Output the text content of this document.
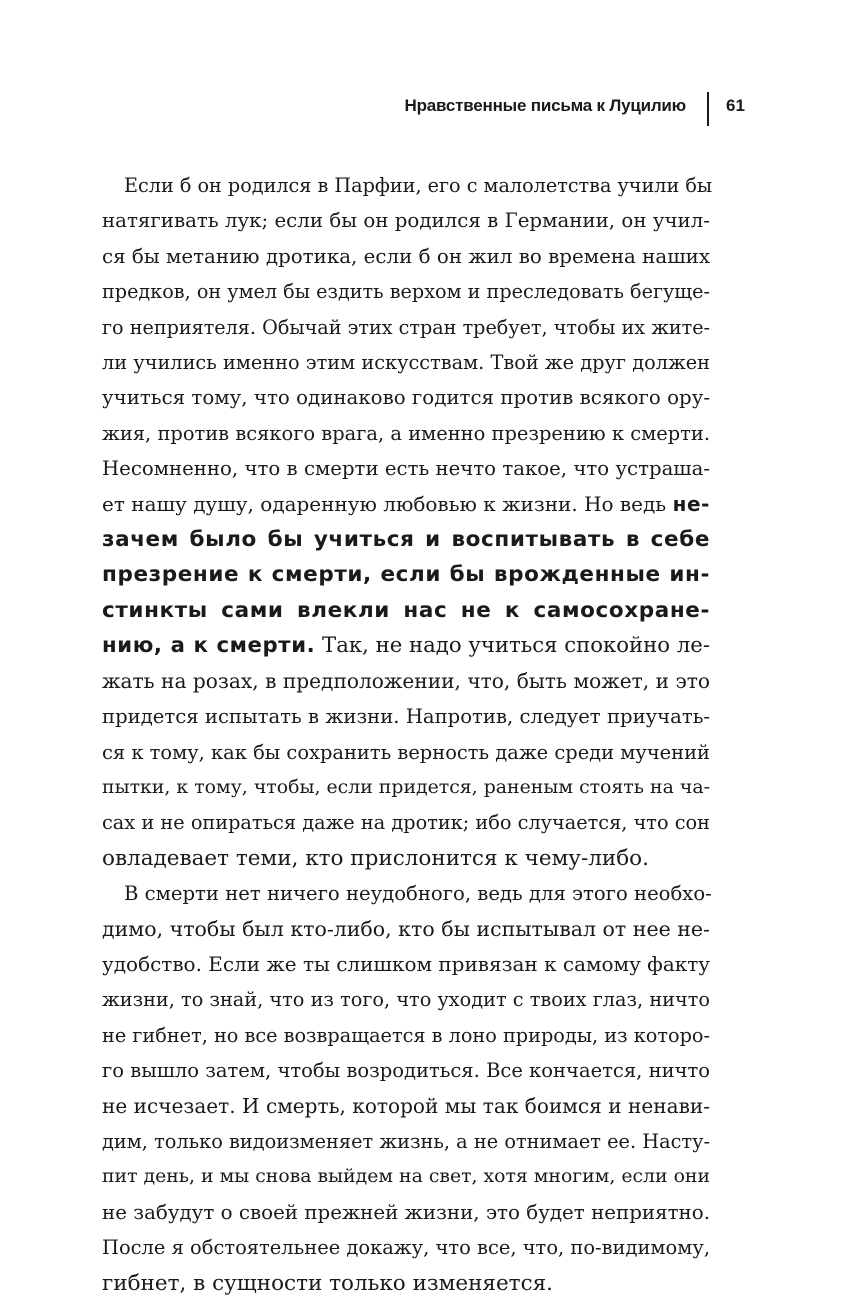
Нравственные письма к Луцилию 61
Если б он родился в Парфии, его с малолетства учили бы
натягивать лук; если бы он родился в Германии, он учил-
ся бы метанию дротика, если б он жил во времена наших
предков, он умел бы ездить верхом и преследовать бегуще-
го неприятеля. Обычай этих стран требует, чтобы их жите-
ли учились именно этим искусствам. Твой же друг должен
учиться тому, что одинаково годится против всякого ору-
жия, против всякого врага, а именно презрению к смерти.
Несомненно, что в смерти есть нечто такое, что устраша-
ет нашу душу, одаренную любовью к жизни. Но ведь не-
зачем было бы учиться и воспитывать в себе
презрение к смерти, если бы врожденные ин-
стинкты сами влекли нас не к самосохране-
нию, а к смерти. Так, не надо учиться спокойно ле-
жать на розах, в предположении, что, быть может, и это
придется испытать в жизни. Напротив, следует приучать-
ся к тому, как бы сохранить верность даже среди мучений
пытки, к тому, чтобы, если придется, раненым стоять на ча-
сах и не опираться даже на дротик; ибо случается, что сон
овладевает теми, кто прислонится к чему-либо.
В смерти нет ничего неудобного, ведь для этого необхо-
димо, чтобы был кто-либо, кто бы испытывал от нее не-
удобство. Если же ты слишком привязан к самому факту
жизни, то знай, что из того, что уходит с твоих глаз, ничто
не гибнет, но все возвращается в лоно природы, из которо-
го вышло затем, чтобы возродиться. Все кончается, ничто
не исчезает. И смерть, которой мы так боимся и ненави-
дим, только видоизменяет жизнь, а не отнимает ее. Насту-
пит день, и мы снова выйдем на свет, хотя многим, если они
не забудут о своей прежней жизни, это будет неприятно.
После я обстоятельнее докажу, что все, что, по-видимому,
гибнет, в сущности только изменяется.
